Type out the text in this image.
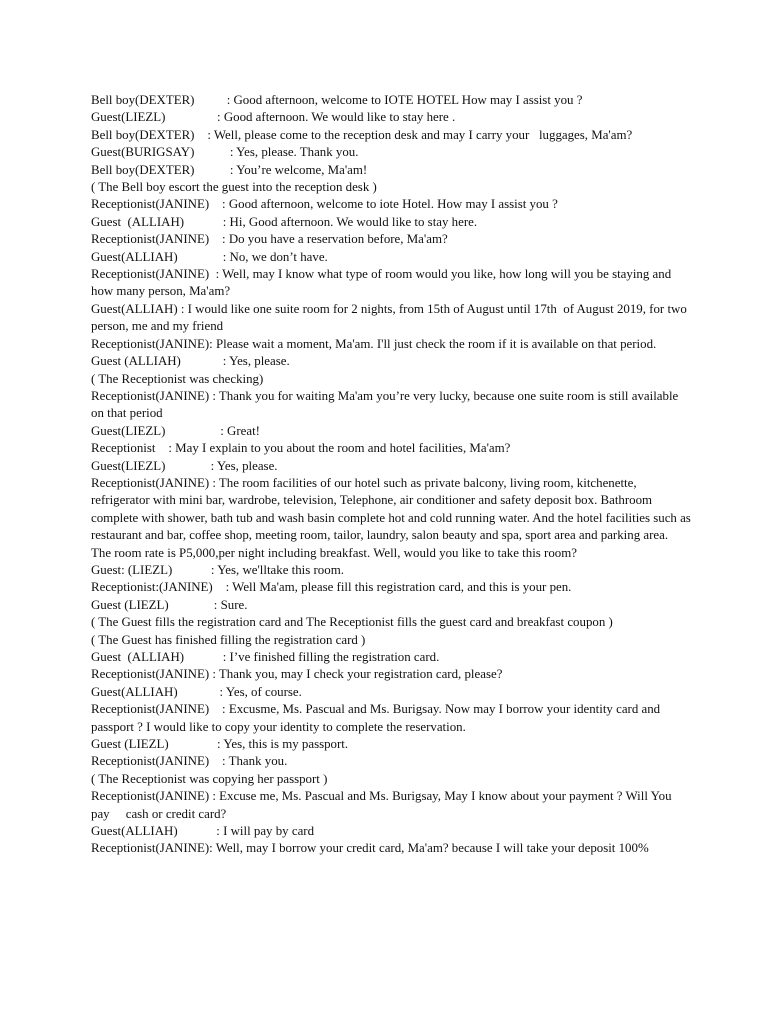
Bell boy(DEXTER)          : Good afternoon, welcome to IOTE HOTEL How may I assist you ?

Guest(LIEZL)                : Good afternoon. We would like to stay here .

Bell boy(DEXTER)    : Well, please come to the reception desk and may I carry your   luggages, Ma'am?

Guest(BURIGSAY)           : Yes, please. Thank you.

Bell boy(DEXTER)           : You’re welcome, Ma'am!

( The Bell boy escort the guest into the reception desk )

Receptionist(JANINE)    : Good afternoon, welcome to iote Hotel. How may I assist you ?

Guest  (ALLIAH)            : Hi, Good afternoon. We would like to stay here.

Receptionist(JANINE)    : Do you have a reservation before, Ma'am?

Guest(ALLIAH)              : No, we don’t have.

Receptionist(JANINE)  : Well, may I know what type of room would you like, how long will you be staying and how many person, Ma'am?

Guest(ALLIAH) : I would like one suite room for 2 nights, from 15th of August until 17th  of August 2019, for two person, me and my friend

Receptionist(JANINE): Please wait a moment, Ma'am. I'll just check the room if it is available on that period.

Guest (ALLIAH)             : Yes, please.

( The Receptionist was checking)

Receptionist(JANINE) : Thank you for waiting Ma'am you’re very lucky, because one suite room is still available on that period

Guest(LIEZL)                 : Great!

Receptionist    : May I explain to you about the room and hotel facilities, Ma'am?

Guest(LIEZL)              : Yes, please.

Receptionist(JANINE) : The room facilities of our hotel such as private balcony, living room, kitchenette, refrigerator with mini bar, wardrobe, television, Telephone, air conditioner and safety deposit box. Bathroom complete with shower, bath tub and wash basin complete hot and cold running water. And the hotel facilities such as restaurant and bar, coffee shop, meeting room, tailor, laundry, salon beauty and spa, sport area and parking area.

The room rate is P5,000,per night including breakfast. Well, would you like to take this room?

Guest: (LIEZL)            : Yes, we'lltake this room.

Receptionist:(JANINE)    : Well Ma'am, please fill this registration card, and this is your pen.

Guest (LIEZL)              : Sure.

( The Guest fills the registration card and The Receptionist fills the guest card and breakfast coupon )

( The Guest has finished filling the registration card )

Guest  (ALLIAH)            : I’ve finished filling the registration card.

Receptionist(JANINE) : Thank you, may I check your registration card, please?

Guest(ALLIAH)             : Yes, of course.

Receptionist(JANINE)    : Excusme, Ms. Pascual and Ms. Burigsay. Now may I borrow your identity card and passport ? I would like to copy your identity to complete the reservation.

Guest (LIEZL)               : Yes, this is my passport.

Receptionist(JANINE)    : Thank you.

( The Receptionist was copying her passport )

Receptionist(JANINE) : Excuse me, Ms. Pascual and Ms. Burigsay, May I know about your payment ? Will You pay     cash or credit card?

Guest(ALLIAH)            : I will pay by card

Receptionist(JANINE): Well, may I borrow your credit card, Ma'am? because I will take your deposit 100%
